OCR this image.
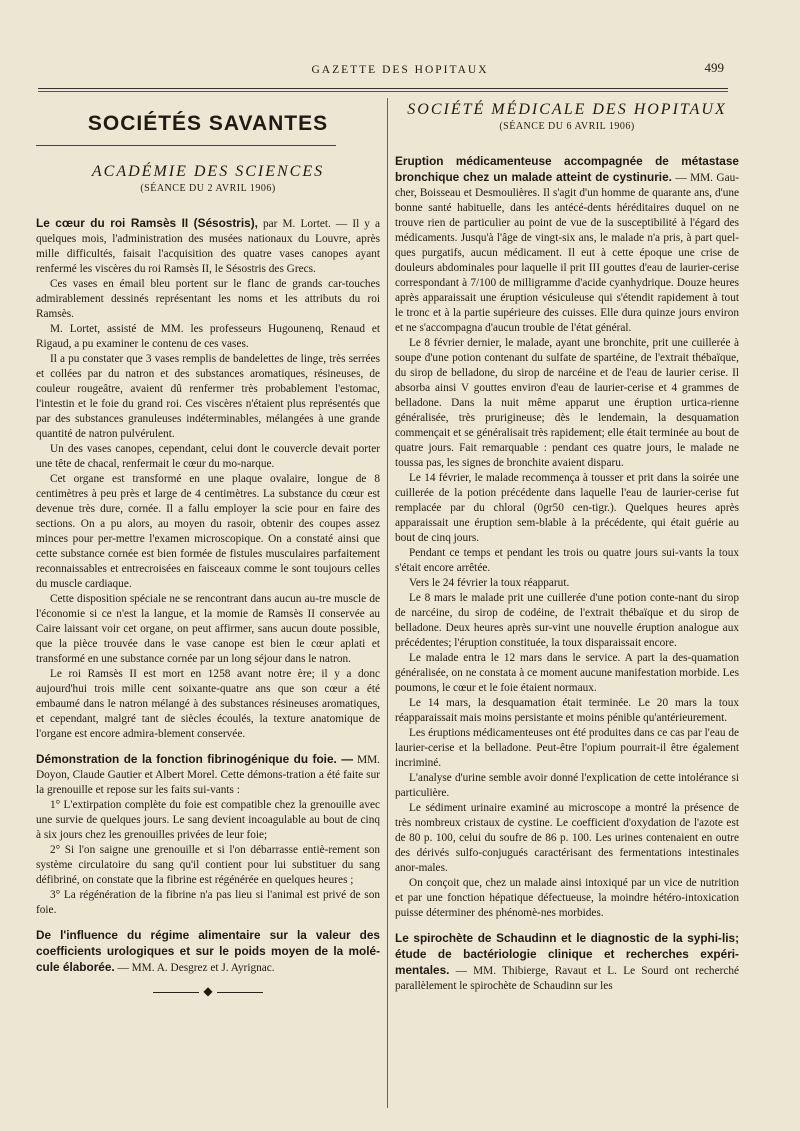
GAZETTE DES HOPITAUX	499
SOCIÉTÉS SAVANTES
ACADÉMIE DES SCIENCES
(SÉANCE DU 2 AVRIL 1906)

Le cœur du roi Ramsès II (Sésostris), par M. Lortet. — Il y a quelques mois, l'administration des musées nationaux du Louvre, après mille difficultés, faisait l'acquisition des quatre vases canopes ayant renfermé les viscères du roi Ramsès II, le Sésostris des Grecs.

Ces vases en émail bleu portent sur le flanc de grands car-touches admirablement dessinés représentant les noms et les attributs du roi Ramsès.

M. Lortet, assisté de MM. les professeurs Hugounenq, Renaud et Rigaud, a pu examiner le contenu de ces vases.

Il a pu constater que 3 vases remplis de bandelettes de linge, très serrées et collées par du natron et des substances aromatiques, résineuses, de couleur rougeâtre, avaient dû renfermer très probablement l'estomac, l'intestin et le foie du grand roi. Ces viscères n'étaient plus représentés que par des substances granuleuses indéterminables, mélangées à une grande quantité de natron pulvérulent.

Un des vases canopes, cependant, celui dont le couvercle devait porter une tête de chacal, renfermait le cœur du mo-narque.

Cet organe est transformé en une plaque ovalaire, longue de 8 centimètres à peu près et large de 4 centimètres. La substance du cœur est devenue très dure, cornée. Il a fallu employer la scie pour en faire des sections. On a pu alors, au moyen du rasoir, obtenir des coupes assez minces pour per-mettre l'examen microscopique. On a constaté ainsi que cette substance cornée est bien formée de fistules musculaires parfaitement reconnaissables et entrecroisées en faisceaux comme le sont toujours celles du muscle cardiaque.

Cette disposition spéciale ne se rencontrant dans aucun au-tre muscle de l'économie si ce n'est la langue, et la momie de Ramsès II conservée au Caire laissant voir cet organe, on peut affirmer, sans aucun doute possible, que la pièce trouvée dans le vase canope est bien le cœur aplati et transformé en une substance cornée par un long séjour dans le natron.

Le roi Ramsès II est mort en 1258 avant notre ère; il y a donc aujourd'hui trois mille cent soixante-quatre ans que son cœur a été embaumé dans le natron mélangé à des substances résineuses aromatiques, et cependant, malgré tant de siècles écoulés, la texture anatomique de l'organe est encore admira-blement conservée.

Démonstration de la fonction fibrinogénique du foie. — MM. Doyon, Claude Gautier et Albert Morel. Cette démons-tration a été faite sur la grenouille et repose sur les faits sui-vants :

1° L'extirpation complète du foie est compatible chez la grenouille avec une survie de quelques jours. Le sang devient incoagulable au bout de cinq à six jours chez les grenouilles privées de leur foie;

2° Si l'on saigne une grenouille et si l'on débarrasse entiè-rement son système circulatoire du sang qu'il contient pour lui substituer du sang défibriné, on constate que la fibrine est régénérée en quelques heures ;

3° La régénération de la fibrine n'a pas lieu si l'animal est privé de son foie.

De l'influence du régime alimentaire sur la valeur des coefficients urologiques et sur le poids moyen de la molé-cule élaborée. — MM. A. Desgrez et J. Ayrignac.

◆
SOCIÉTÉ MÉDICALE DES HOPITAUX
(SÉANCE DU 6 AVRIL 1906)

Eruption médicamenteuse accompagnée de métastase bronchique chez un malade atteint de cystinurie. — MM. Gau-cher, Boisseau et Desmoulières. Il s'agit d'un homme de quarante ans, d'une bonne santé habituelle, dans les antécé-dents héréditaires duquel on ne trouve rien de particulier au point de vue de la susceptibilité à l'égard des médicaments. Jusqu'à l'âge de vingt-six ans, le malade n'a pris, à part quel-ques purgatifs, aucun médicament. Il eut à cette époque une crise de douleurs abdominales pour laquelle il prit III gouttes d'eau de laurier-cerise correspondant à 7/100 de milligramme d'acide cyanhydrique. Douze heures après apparaissait une éruption vésiculeuse qui s'étendit rapidement à tout le tronc et à la partie supérieure des cuisses. Elle dura quinze jours environ et ne s'accompagna d'aucun trouble de l'état général.

Le 8 février dernier, le malade, ayant une bronchite, prit une cuillerée à soupe d'une potion contenant du sulfate de spartéine, de l'extrait thébaïque, du sirop de belladone, du sirop de narcéine et de l'eau de laurier cerise. Il absorba ainsi V gouttes environ d'eau de laurier-cerise et 4 grammes de belladone. Dans la nuit même apparut une éruption urtica-rienne généralisée, très prurigineuse; dès le lendemain, la desquamation commençait et se généralisait très rapidement; elle était terminée au bout de quatre jours. Fait remarquable : pendant ces quatre jours, le malade ne toussa pas, les signes de bronchite avaient disparu.

Le 14 février, le malade recommença à tousser et prit dans la soirée une cuillerée de la potion précédente dans laquelle l'eau de laurier-cerise fut remplacée par du chloral (0gr50 cen-tigr.). Quelques heures après apparaissait une éruption sem-blable à la précédente, qui était guérie au bout de cinq jours.

Pendant ce temps et pendant les trois ou quatre jours sui-vants la toux s'était encore arrêtée.

Vers le 24 février la toux réapparut.

Le 8 mars le malade prit une cuillerée d'une potion conte-nant du sirop de narcéine, du sirop de codéine, de l'extrait thébaïque et du sirop de belladone. Deux heures après sur-vint une nouvelle éruption analogue aux précédentes; l'éruption constituée, la toux disparaissait encore.

Le malade entra le 12 mars dans le service. A part la des-quamation généralisée, on ne constata à ce moment aucune manifestation morbide. Les poumons, le cœur et le foie étaient normaux.

Le 14 mars, la desquamation était terminée. Le 20 mars la toux réapparaissait mais moins persistante et moins pénible qu'antérieurement.

Les éruptions médicamenteuses ont été produites dans ce cas par l'eau de laurier-cerise et la belladone. Peut-être l'opium pourrait-il être également incriminé.

L'analyse d'urine semble avoir donné l'explication de cette intolérance si particulière.

Le sédiment urinaire examiné au microscope a montré la présence de très nombreux cristaux de cystine. Le coefficient d'oxydation de l'azote est de 80 p. 100, celui du soufre de 86 p. 100. Les urines contenaient en outre des dérivés sulfo-conjugués caractérisant des fermentations intestinales anor-males.

On conçoit que, chez un malade ainsi intoxiqué par un vice de nutrition et par une fonction hépatique défectueuse, la moindre hétéro-intoxication puisse déterminer des phénomè-nes morbides.

Le spirochète de Schaudinn et le diagnostic de la syphi-lis; étude de bactériologie clinique et recherches expéri-mentales. — MM. Thibierge, Ravaut et L. Le Sourd ont recherché parallèlement le spirochète de Schaudinn sur les
